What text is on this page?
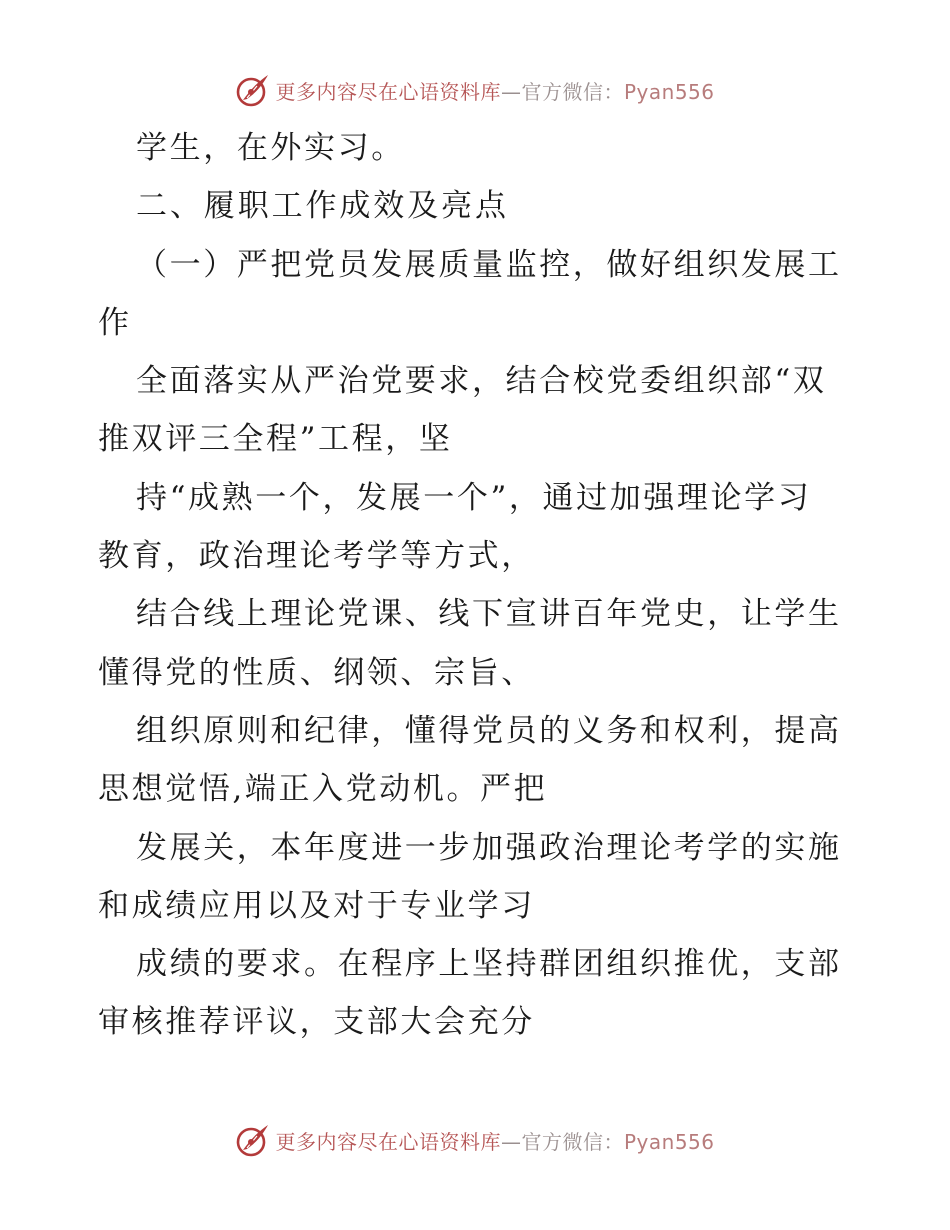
更多内容尽在心语资料库—官方微信：Pyan556
学生，在外实习。
二、履职工作成效及亮点
（一）严把党员发展质量监控，做好组织发展工
作
全面落实从严治党要求，结合校党委组织部“双
推双评三全程”工程，坚
持“成熟一个，发展一个”，通过加强理论学习
教育，政治理论考学等方式，
结合线上理论党课、线下宣讲百年党史，让学生
懂得党的性质、纲领、宗旨、
组织原则和纪律，懂得党员的义务和权利，提高
思想觉悟,端正入党动机。严把
发展关，本年度进一步加强政治理论考学的实施
和成绩应用以及对于专业学习
成绩的要求。在程序上坚持群团组织推优，支部
审核推荐评议，支部大会充分
更多内容尽在心语资料库—官方微信：Pyan556
